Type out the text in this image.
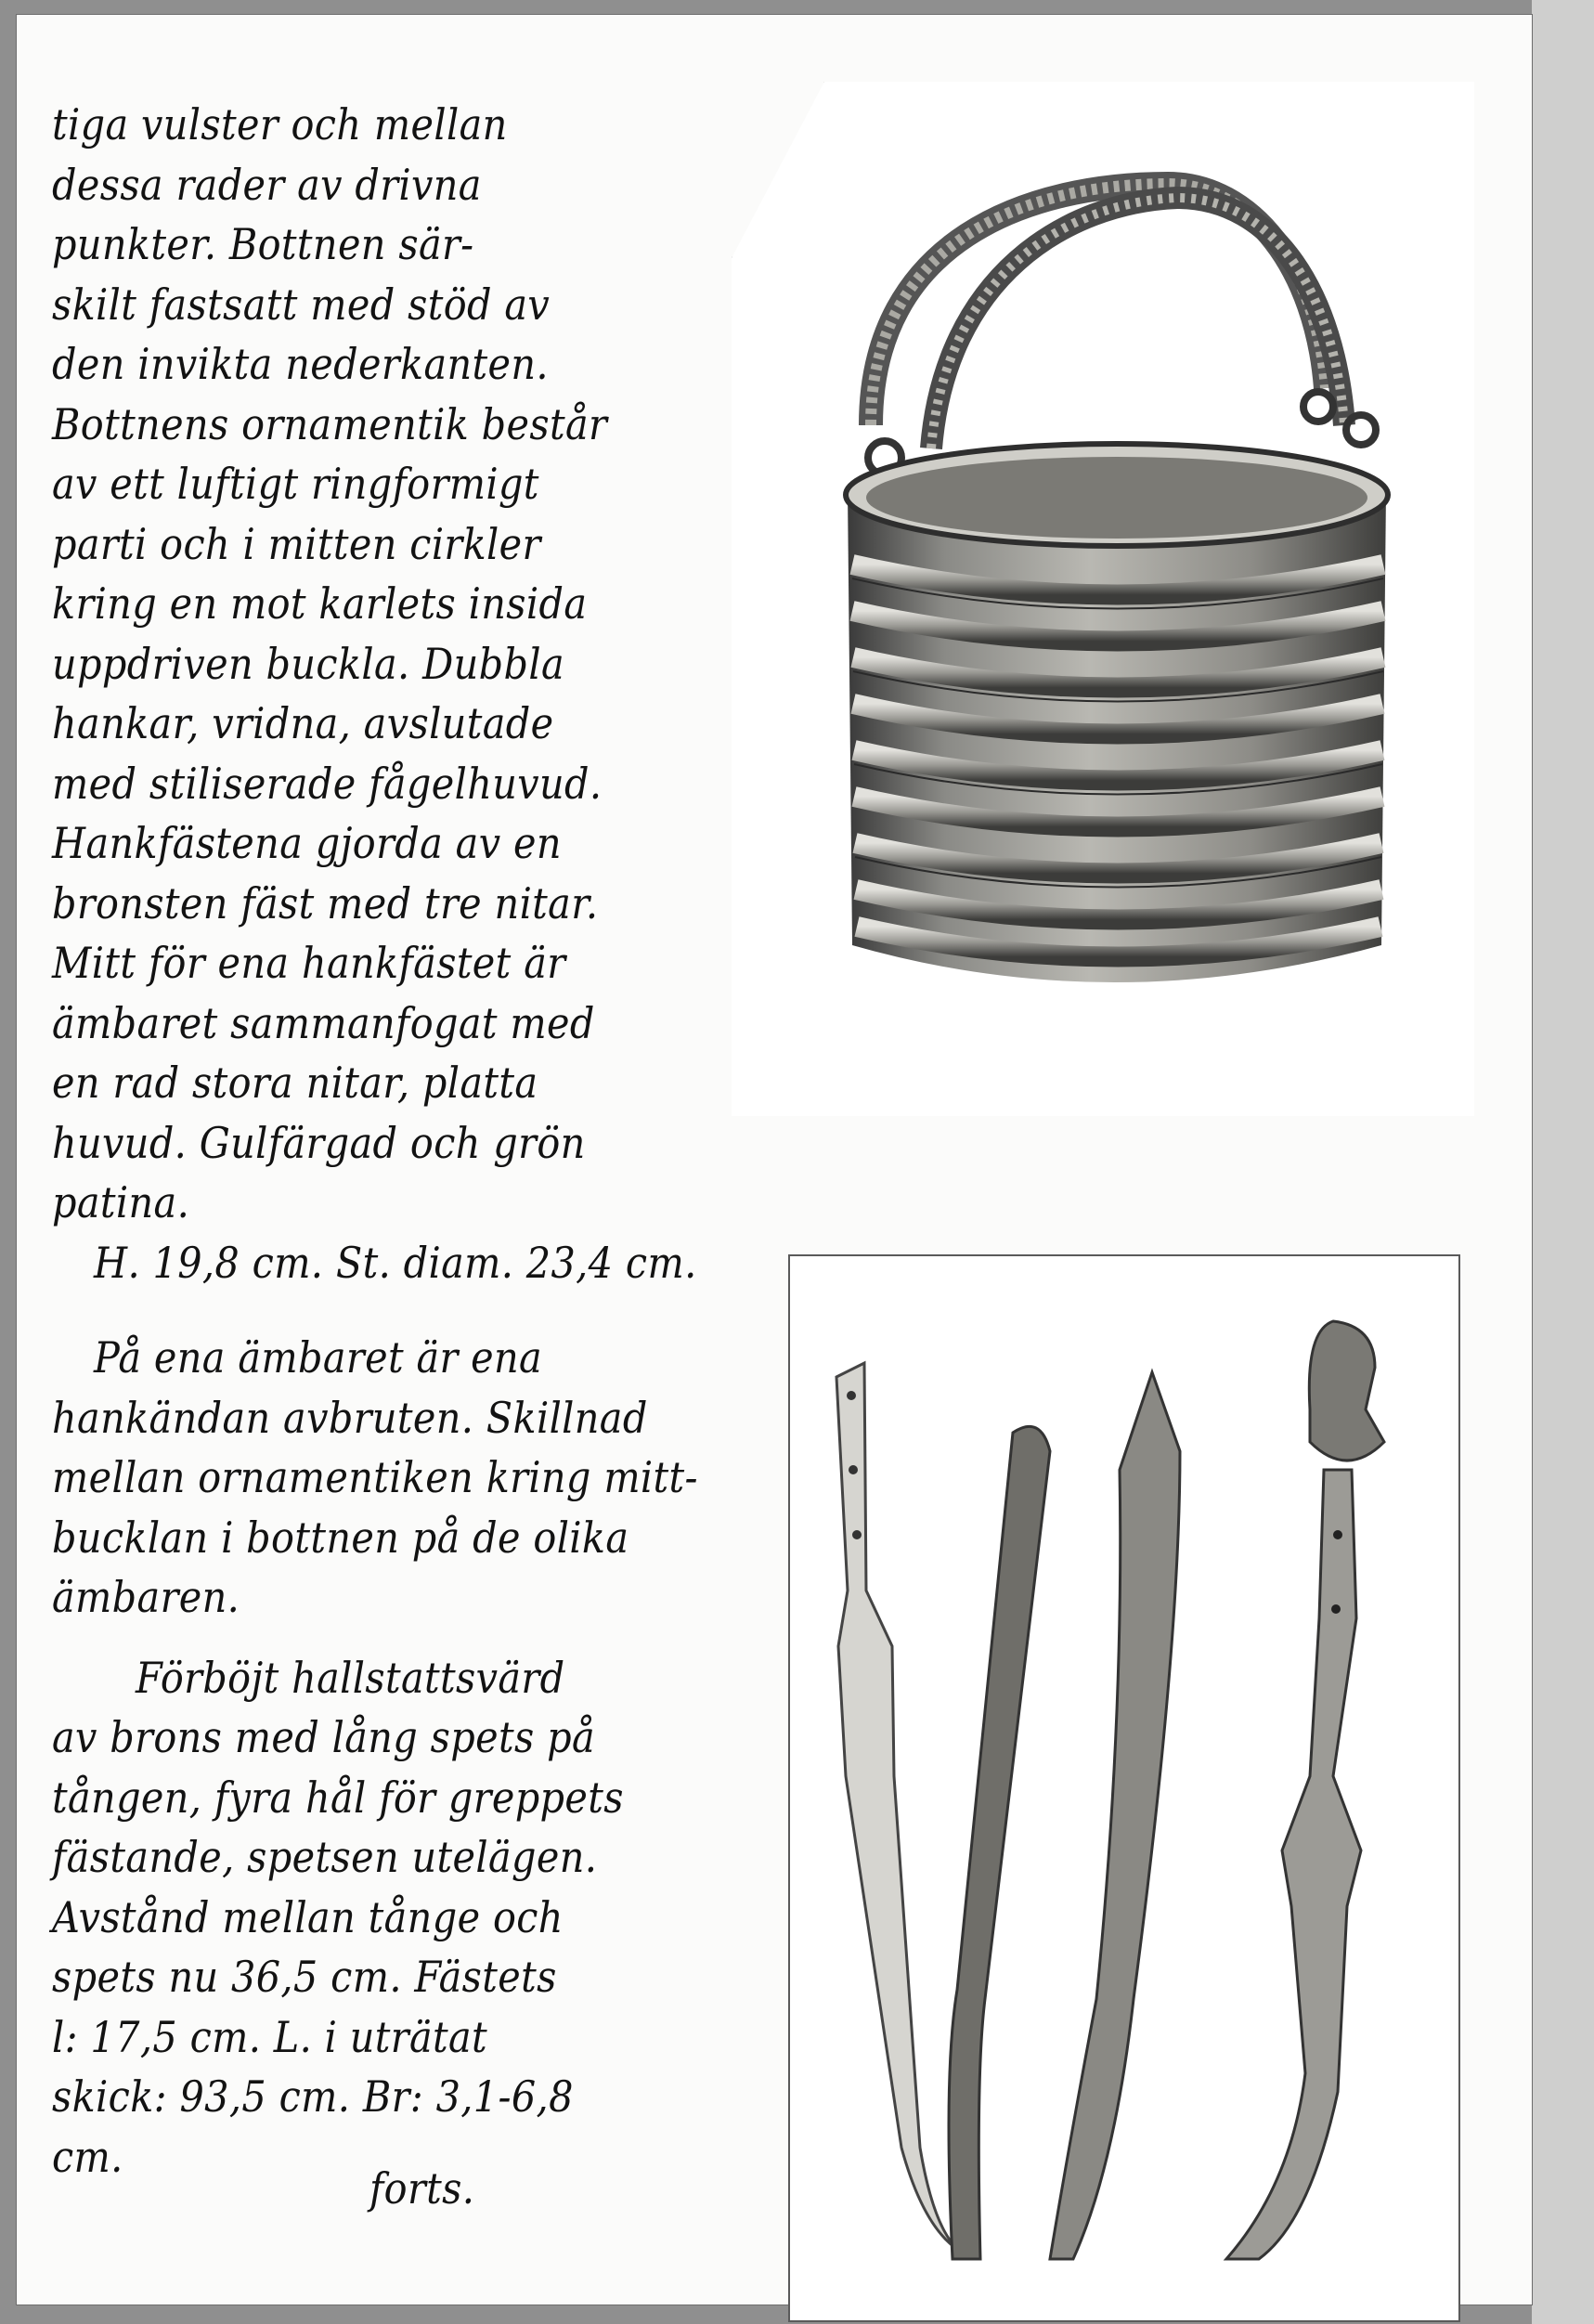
tiga vulster och mellan
dessa rader av drivna
punkter. Bottnen sär-
skilt fastsatt med stöd av
den invikta nederkanten.
Bottnens ornamentik består
av ett luftigt ringformigt
parti och i mitten cirkler
kring en mot karlets insida
uppdriven buckla. Dubbla
hankar, vridna, avslutade
med stiliserade fågelhuvud.
Hankfästena gjorda av en
bronsten fäst med tre nitar.
Mitt för ena hankfästet är
ämbaret sammanfogat med
en rad stora nitar, platta
huvud. Gulfärgad och grön
patina.
H. 19,8 cm. St. diam. 23,4 cm.
På ena ämbaret är ena
hankändan avbruten. Skillnad
mellan ornamentiken kring mitt-
bucklan i bottnen på de olika
ämbaren.
Förböjt hallstattsvärd
av brons med lång spets på
tången, fyra hål för greppets
fästande, spetsen utelägen.
Avstånd mellan tånge och
spets nu 36,5 cm. Fästets
l: 17,5 cm. L. i uträtat
skick: 93,5 cm. Br: 3,1-6,8
cm.
forts.
